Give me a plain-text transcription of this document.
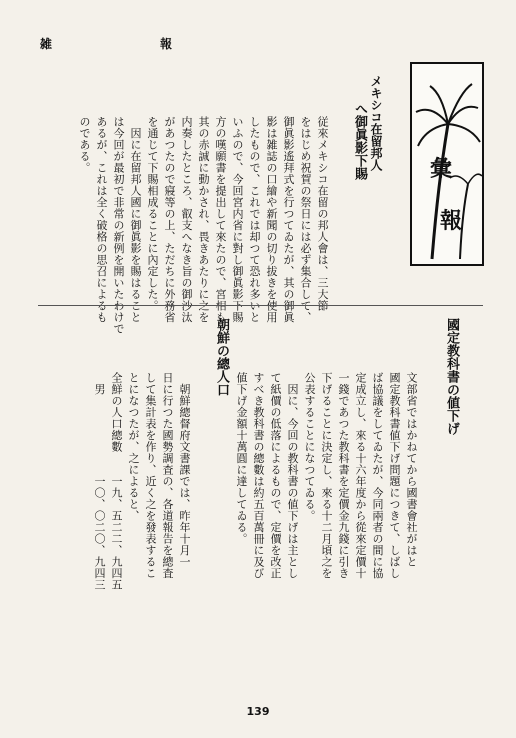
雑　報
彙
報
メキシコ在留邦人
へ御眞影下賜

従來メキシコ在留の邦人會は、三大節
をはじめ祝賀の祭日には必ず集合して、
御眞影遙拜式を行つてゐたが、其の御眞
影は雑誌の口繪や新聞の切り拔きを使用
したもので、これでは却つて恐れ多いと
いふので、今回宮内省に對し御眞影下賜
方の嘆願書を提出して來たので、宮相も
其の赤誠に動かされ、畏きあたりに之を
内奏したところ、叡支へなき旨の御沙汰
があつたので寢等の上、ただちに外務省
を通じて下賜相成ることに內定した。
　因に在留邦人國に御眞影を賜はること
は今回が最初で非常の新例を開いたわけで
あるが、これは全く破格の思召によるも
のである。

國定教科書の値下げ

文部省ではかねてから國書會社がはと
國定教科書値下げ問題につきて、しばし
ば協議をしてゐたが、今同兩者の間に協
定成立し、來る十六年度から從來定價十
一錢であつた教科書を定價金九錢に引き
下げることに決定し、來る十二月頃之を
公表することになつてゐる。
　因に、今回の教科書の値下げは主とし
て紙價の低落によるもので、定價を改正
すべき教科書の總數は約五百萬冊に及び
値下げ金額十萬圓に達してゐる。

朝鮮の總人口

　朝鮮總督府文書課では、昨年十月一
日に行つた國勢調査の、各道報告を總査
して集計表を作り、近く之を發表するこ
とになつたが、之によると、
全鮮の人口總數　　一九、五二二、九四五
　男　　　　　　　一〇、〇二〇、九四三

139
